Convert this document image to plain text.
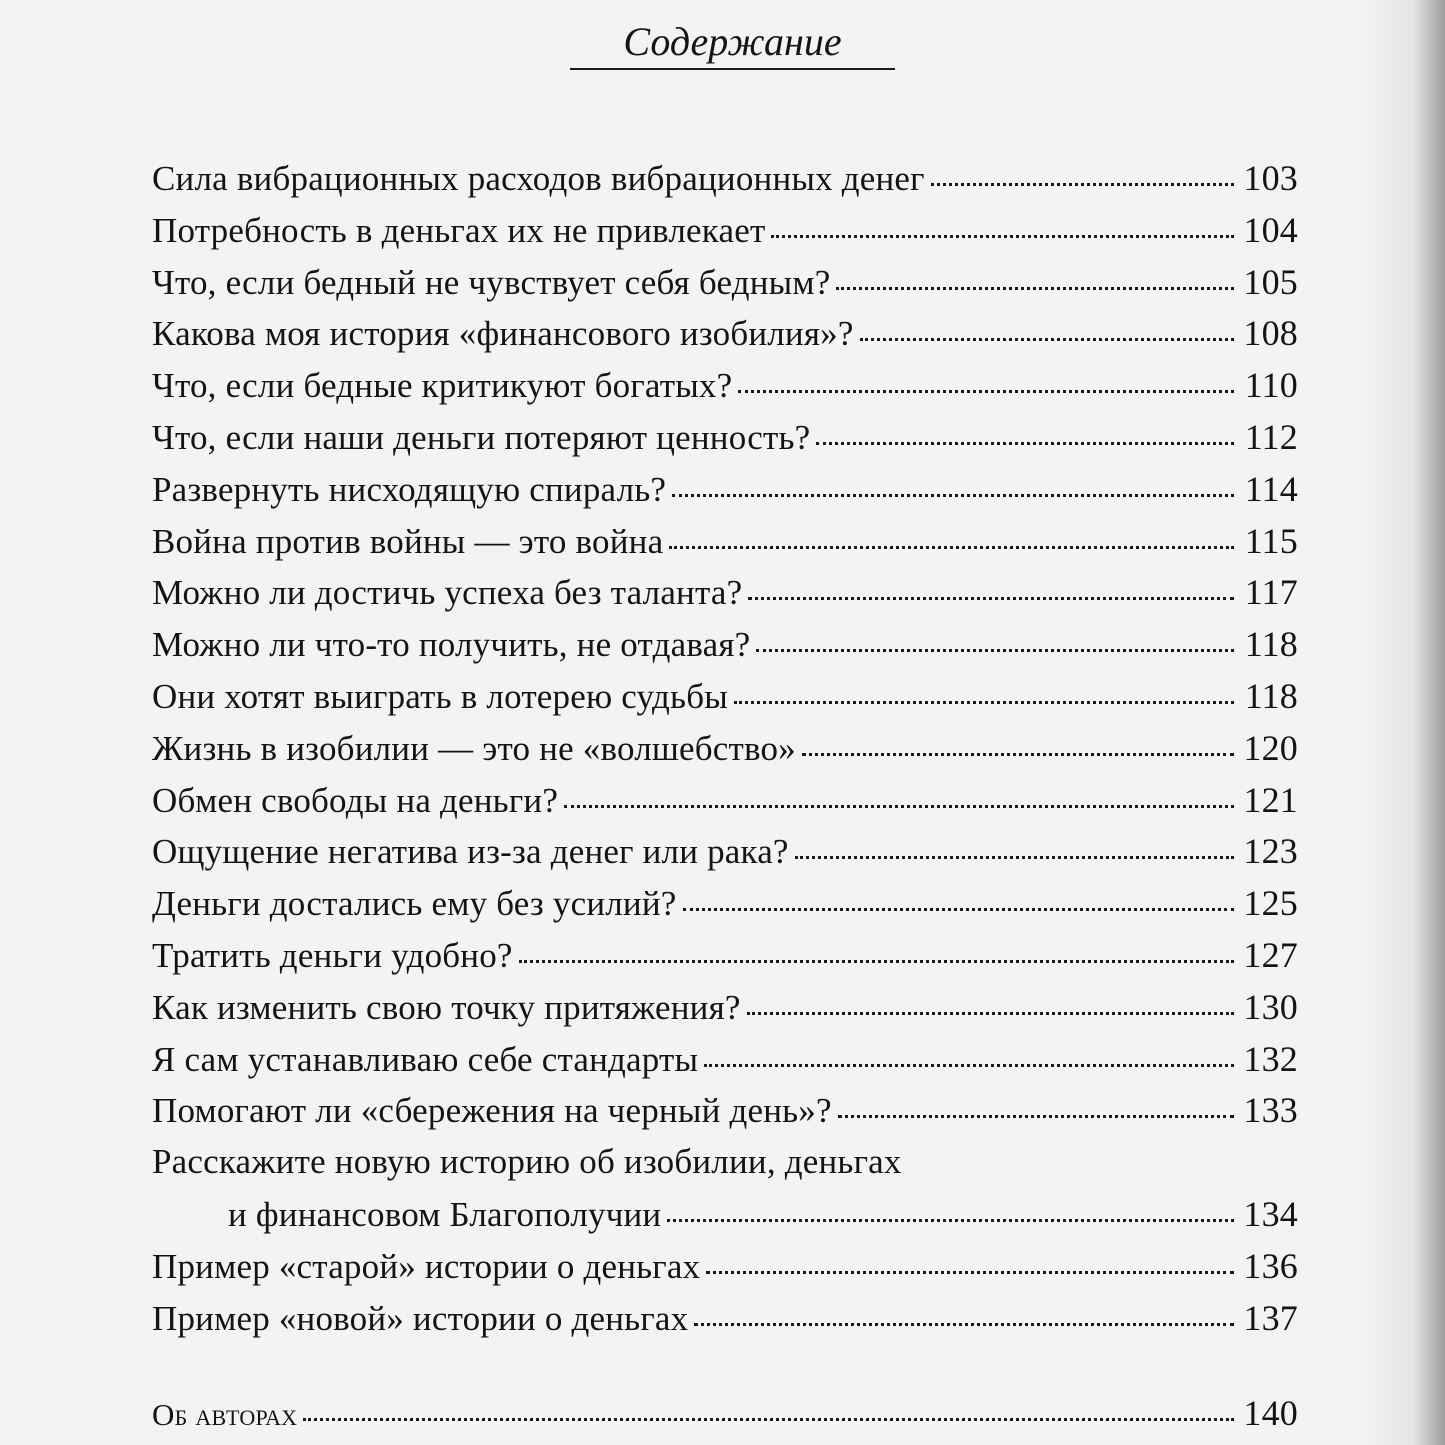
Содержание
Сила вибрационных расходов вибрационных денег	103
Потребность в деньгах их не привлекает	104
Что, если бедный не чувствует себя бедным?	105
Какова моя история «финансового изобилия»?	108
Что, если бедные критикуют богатых?	110
Что, если наши деньги потеряют ценность?	112
Развернуть нисходящую спираль?	114
Война против войны — это война	115
Можно ли достичь успеха без таланта?	117
Можно ли что-то получить, не отдавая?	118
Они хотят выиграть в лотерею судьбы	118
Жизнь в изобилии — это не «волшебство»	120
Обмен свободы на деньги?	121
Ощущение негатива из-за денег или рака?	123
Деньги достались ему без усилий?	125
Тратить деньги удобно?	127
Как изменить свою точку притяжения?	130
Я сам устанавливаю себе стандарты	132
Помогают ли «сбережения на черный день»?	133
Расскажите новую историю об изобилии, деньгах
и финансовом Благополучии	134
Пример «старой» истории о деньгах	136
Пример «новой» истории о деньгах	137
Об авторах	140
